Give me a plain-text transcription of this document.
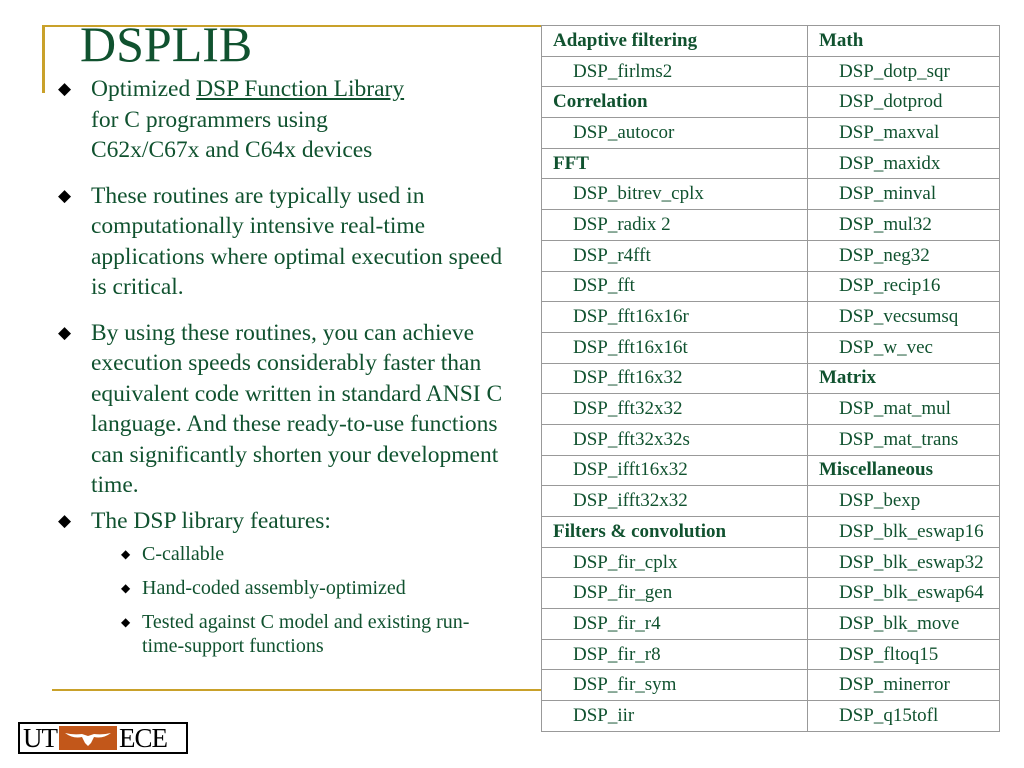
DSPLIB
◆ Optimized DSP Function Library
for C programmers using
C62x/C67x and C64x devices
◆ These routines are typically used in computationally intensive real-time applications where optimal execution speed is critical.
◆ By using these routines, you can achieve execution speeds considerably faster than equivalent code written in standard ANSI C language. And these ready-to-use functions can significantly shorten your development time.
◆ The DSP library features:
◆ C-callable
◆ Hand-coded assembly-optimized
◆ Tested against C model and existing run-time-support functions
Adaptive filtering	Math
DSP_firlms2	DSP_dotp_sqr
Correlation	DSP_dotprod
DSP_autocor	DSP_maxval
FFT	DSP_maxidx
DSP_bitrev_cplx	DSP_minval
DSP_radix 2	DSP_mul32
DSP_r4fft	DSP_neg32
DSP_fft	DSP_recip16
DSP_fft16x16r	DSP_vecsumsq
DSP_fft16x16t	DSP_w_vec
DSP_fft16x32	Matrix
DSP_fft32x32	DSP_mat_mul
DSP_fft32x32s	DSP_mat_trans
DSP_ifft16x32	Miscellaneous
DSP_ifft32x32	DSP_bexp
Filters & convolution	DSP_blk_eswap16
DSP_fir_cplx	DSP_blk_eswap32
DSP_fir_gen	DSP_blk_eswap64
DSP_fir_r4	DSP_blk_move
DSP_fir_r8	DSP_fltoq15
DSP_fir_sym	DSP_minerror
DSP_iir	DSP_q15tofl
UT ECE
